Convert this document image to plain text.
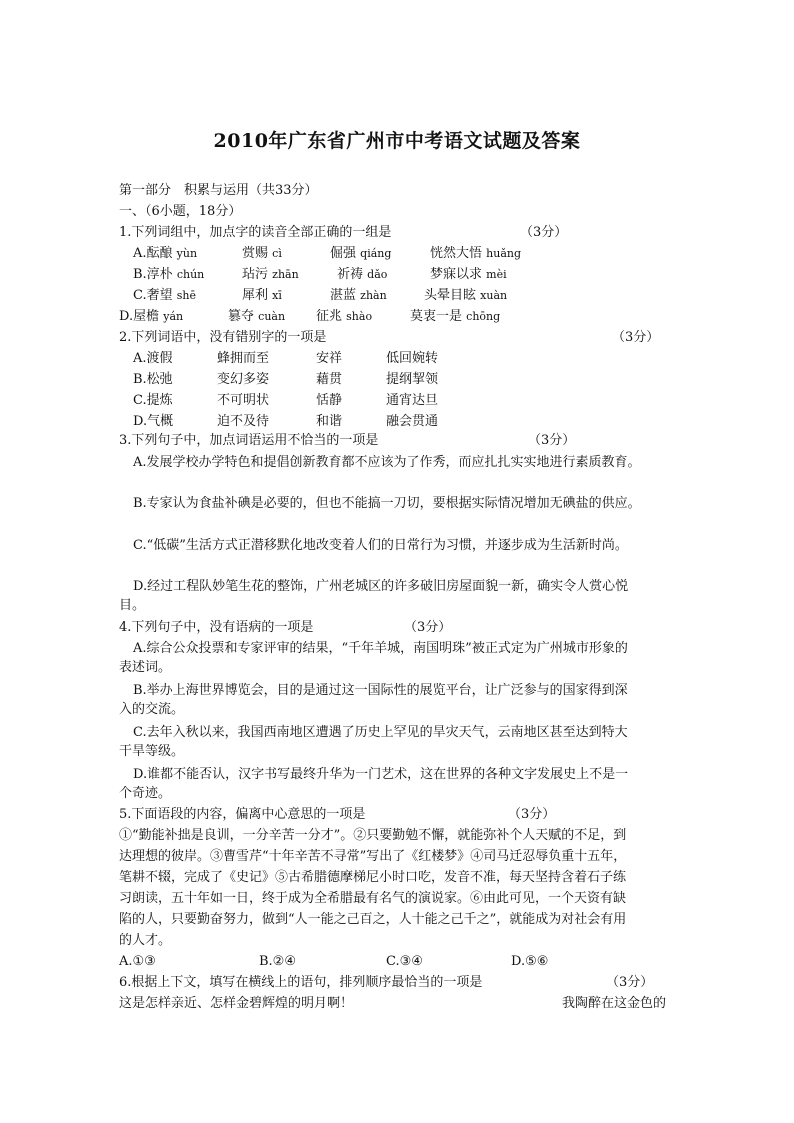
2010年广东省广州市中考语文试题及答案
第一部分　积累与运用（共33分）
一、（6小题，18分）
1.下列词组中，加点字的读音全部正确的一组是	（3分）
A.酝酿 yùn	赏赐 cì	倔强 qiáng	恍然大悟 huǎng
B.淳朴 chún	玷污 zhān	祈祷 dǎo	梦寐以求 mèi
C.奢望 shē	犀利 xī	湛蓝 zhàn	头晕目眩 xuàn
D.屋檐 yán	篡夺 cuàn 征兆 shào	莫衷一是 chōng
2.下列词语中，没有错别字的一项是	（3分）
A.渡假	蜂拥而至	安祥	低回婉转
B.松弛	变幻多姿	藉贯	提纲挈领
C.提炼	不可明状	恬静	通宵达旦
D.气概	迫不及待	和谐	融会贯通
3.下列句子中，加点词语运用不恰当的一项是	（3分）
A.发展学校办学特色和提倡创新教育都不应该为了作秀，而应扎扎实实地进行素质教育。
B.专家认为食盐补碘是必要的，但也不能搞一刀切，要根据实际情况增加无碘盐的供应。
C.“低碳”生活方式正潜移默化地改变着人们的日常行为习惯，并逐步成为生活新时尚。
D.经过工程队妙笔生花的整饰，广州老城区的许多破旧房屋面貌一新，确实令人赏心悦
目。
4.下列句子中，没有语病的一项是	（3分）
A.综合公众投票和专家评审的结果，“千年羊城，南国明珠”被正式定为广州城市形象的
表述词。
B.举办上海世界博览会，目的是通过这一国际性的展览平台，让广泛参与的国家得到深
入的交流。
C.去年入秋以来，我国西南地区遭遇了历史上罕见的旱灾天气，云南地区甚至达到特大
干旱等级。
D.谁都不能否认，汉字书写最终升华为一门艺术，这在世界的各种文字发展史上不是一
个奇迹。
5.下面语段的内容，偏离中心意思的一项是	（3分）
①“勤能补拙是良训，一分辛苦一分才”。②只要勤勉不懈，就能弥补个人天赋的不足，到
达理想的彼岸。③曹雪芹“十年辛苦不寻常”写出了《红楼梦》④司马迁忍辱负重十五年，
笔耕不辍，完成了《史记》⑤古希腊德摩梯尼小时口吃，发音不准，每天坚持含着石子练
习朗读，五十年如一日，终于成为全希腊最有名气的演说家。⑥由此可见，一个天资有缺
陷的人，只要勤奋努力，做到“人一能之己百之，人十能之己千之”，就能成为对社会有用
的人才。
A.①③	B.②④	C.③④	D.⑤⑥
6.根据上下文，填写在横线上的语句，排列顺序最恰当的一项是	（3分）
这是怎样亲近、怎样金碧辉煌的明月啊！	我陶醉在这金色的
